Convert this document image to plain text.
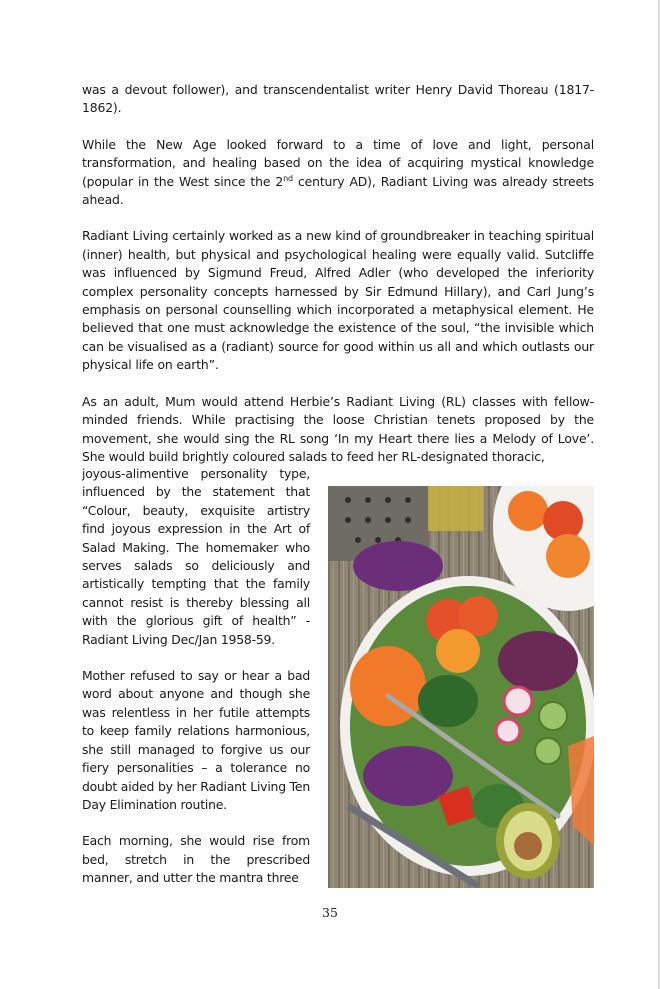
was a devout follower), and transcendentalist writer Henry David Thoreau (1817-1862).

While the New Age looked forward to a time of love and light, personal transformation, and healing based on the idea of acquiring mystical knowledge (popular in the West since the 2nd century AD), Radiant Living was already streets ahead.

Radiant Living certainly worked as a new kind of groundbreaker in teaching spiritual (inner) health, but physical and psychological healing were equally valid. Sutcliffe was influenced by Sigmund Freud, Alfred Adler (who developed the inferiority complex personality concepts harnessed by Sir Edmund Hillary), and Carl Jung’s emphasis on personal counselling which incorporated a metaphysical element. He believed that one must acknowledge the existence of the soul, “the invisible which can be visualised as a (radiant) source for good within us all and which outlasts our physical life on earth”.

As an adult, Mum would attend Herbie’s Radiant Living (RL) classes with fellow-minded friends. While practising the loose Christian tenets proposed by the movement, she would sing the RL song ‘In my Heart there lies a Melody of Love’. She would build brightly coloured salads to feed her RL-designated thoracic,

joyous-alimentive personality type, influenced by the statement that “Colour, beauty, exquisite artistry find joyous expression in the Art of Salad Making. The homemaker who serves salads so deliciously and artistically tempting that the family cannot resist is thereby blessing all with the glorious gift of health” - Radiant Living Dec/Jan 1958-59.

Mother refused to say or hear a bad word about anyone and though she was relentless in her futile attempts to keep family relations harmonious, she still managed to forgive us our fiery personalities – a tolerance no doubt aided by her Radiant Living Ten Day Elimination routine.

Each morning, she would rise from bed, stretch in the prescribed manner, and utter the mantra three

35
